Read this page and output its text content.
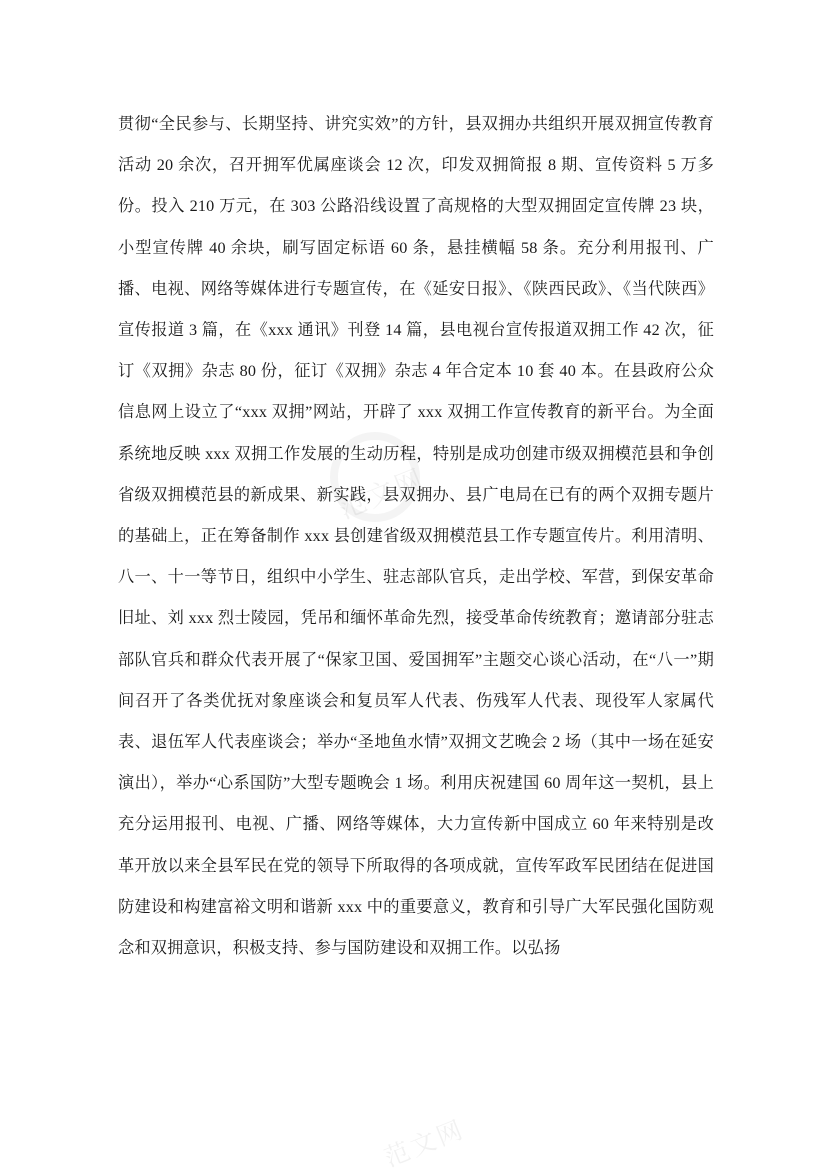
贯彻“全民参与、长期坚持、讲究实效”的方针，县双拥办共组织开展双拥宣传教育活动 20 余次，召开拥军优属座谈会 12 次，印发双拥简报 8 期、宣传资料 5 万多份。投入 210 万元，在 303 公路沿线设置了高规格的大型双拥固定宣传牌 23 块，小型宣传牌 40 余块，刷写固定标语 60 条，悬挂横幅 58 条。充分利用报刊、广播、电视、网络等媒体进行专题宣传，在《延安日报》、《陕西民政》、《当代陕西》宣传报道 3 篇，在《xxx 通讯》刊登 14 篇，县电视台宣传报道双拥工作 42 次，征订《双拥》杂志 80 份，征订《双拥》杂志 4 年合定本 10 套 40 本。在县政府公众信息网上设立了“xxx 双拥”网站，开辟了 xxx 双拥工作宣传教育的新平台。为全面系统地反映 xxx 双拥工作发展的生动历程，特别是成功创建市级双拥模范县和争创省级双拥模范县的新成果、新实践，县双拥办、县广电局在已有的两个双拥专题片的基础上，正在筹备制作 xxx 县创建省级双拥模范县工作专题宣传片。利用清明、八一、十一等节日，组织中小学生、驻志部队官兵，走出学校、军营，到保安革命旧址、刘 xxx 烈士陵园，凭吊和缅怀革命先烈，接受革命传统教育；邀请部分驻志部队官兵和群众代表开展了“保家卫国、爱国拥军”主题交心谈心活动，在“八一”期间召开了各类优抚对象座谈会和复员军人代表、伤残军人代表、现役军人家属代表、退伍军人代表座谈会；举办“圣地鱼水情”双拥文艺晚会 2 场（其中一场在延安演出），举办“心系国防”大型专题晚会 1 场。利用庆祝建国 60 周年这一契机，县上充分运用报刊、电视、广播、网络等媒体，大力宣传新中国成立 60 年来特别是改革开放以来全县军民在党的领导下所取得的各项成就，宣传军政军民团结在促进国防建设和构建富裕文明和谐新 xxx 中的重要意义，教育和引导广大军民强化国防观念和双拥意识，积极支持、参与国防建设和双拥工作。以弘扬

范文网
范文网
